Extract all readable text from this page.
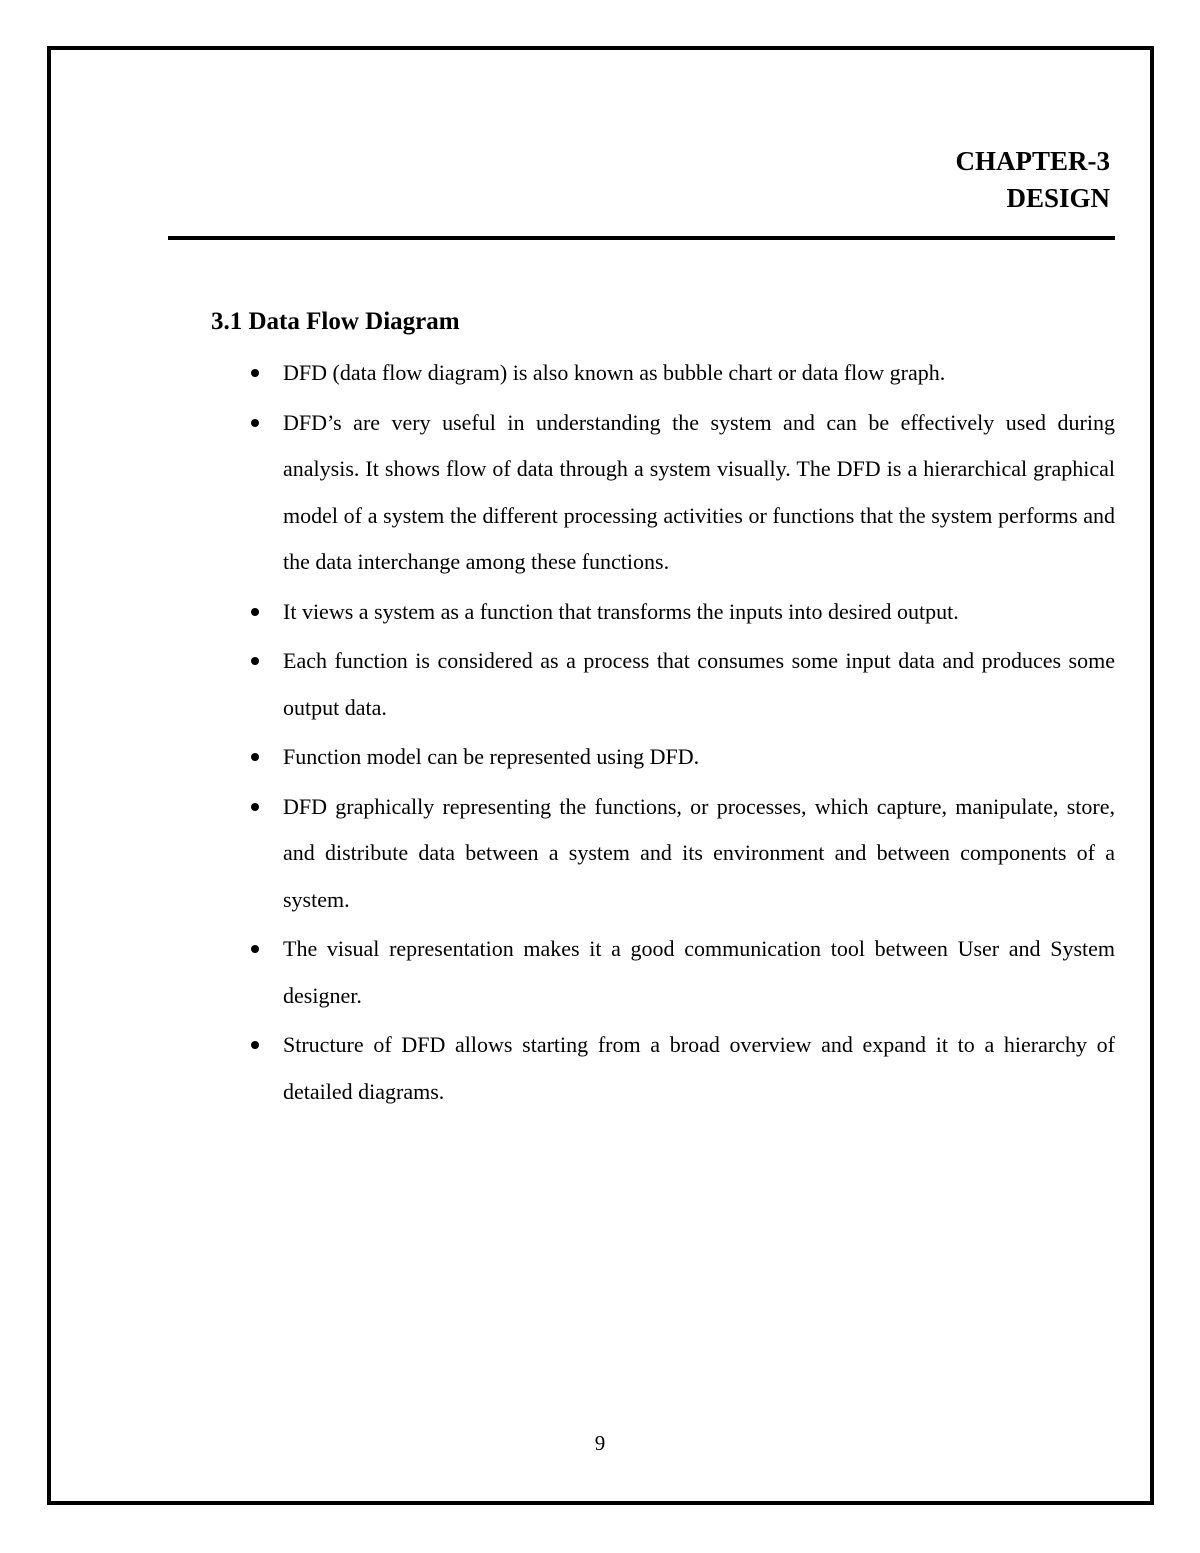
CHAPTER-3
DESIGN
3.1 Data Flow Diagram
DFD (data flow diagram) is also known as bubble chart or data flow graph.
DFD’s are very useful in understanding the system and can be effectively used during analysis. It shows flow of data through a system visually. The DFD is a hierarchical graphical model of a system the different processing activities or functions that the system performs and the data interchange among these functions.
It views a system as a function that transforms the inputs into desired output.
Each function is considered as a process that consumes some input data and produces some output data.
Function model can be represented using DFD.
DFD graphically representing the functions, or processes, which capture, manipulate, store, and distribute data between a system and its environment and between components of a system.
The visual representation makes it a good communication tool between User and System designer.
Structure of DFD allows starting from a broad overview and expand it to a hierarchy of detailed diagrams.
9
